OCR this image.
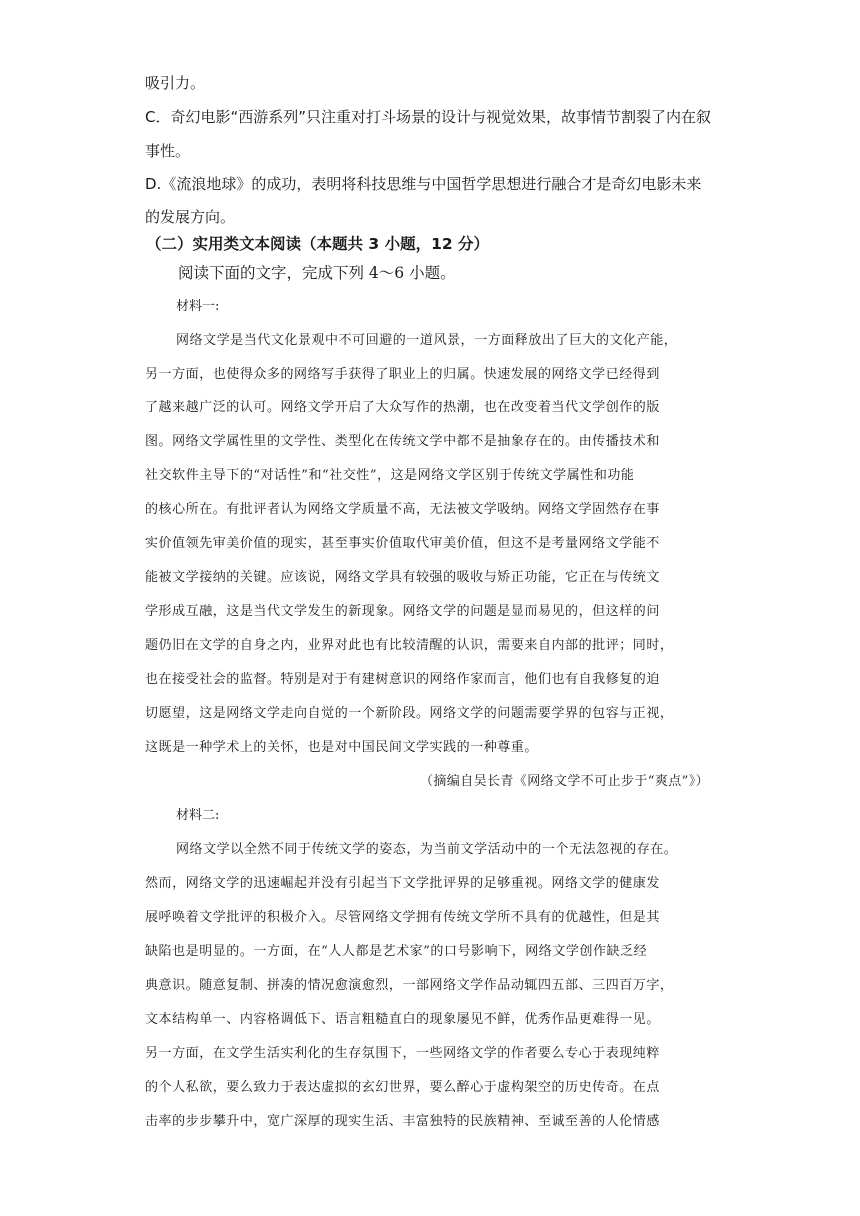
吸引力。
C．奇幻电影“西游系列”只注重对打斗场景的设计与视觉效果，故事情节割裂了内在叙
事性。
D.《流浪地球》的成功，表明将科技思维与中国哲学思想进行融合才是奇幻电影未来
的发展方向。
（二）实用类文本阅读（本题共 3 小题，12 分）
阅读下面的文字，完成下列 4～6 小题。
材料一:
网络文学是当代文化景观中不可回避的一道风景，一方面释放出了巨大的文化产能，
另一方面，也使得众多的网络写手获得了职业上的归属。快速发展的网络文学已经得到
了越来越广泛的认可。网络文学开启了大众写作的热潮，也在改变着当代文学创作的版
图。网络文学属性里的文学性、类型化在传统文学中都不是抽象存在的。由传播技术和
社交软件主导下的“对话性”和“社交性”，这是网络文学区别于传统文学属性和功能
的核心所在。有批评者认为网络文学质量不高，无法被文学吸纳。网络文学固然存在事
实价值领先审美价值的现实，甚至事实价值取代审美价值，但这不是考量网络文学能不
能被文学接纳的关键。应该说，网络文学具有较强的吸收与矫正功能，它正在与传统文
学形成互融，这是当代文学发生的新现象。网络文学的问题是显而易见的，但这样的问
题仍旧在文学的自身之内，业界对此也有比较清醒的认识，需要来自内部的批评；同时，
也在接受社会的监督。特别是对于有建树意识的网络作家而言，他们也有自我修复的迫
切愿望，这是网络文学走向自觉的一个新阶段。网络文学的问题需要学界的包容与正视，
这既是一种学术上的关怀，也是对中国民间文学实践的一种尊重。
（摘编自吴长青《网络文学不可止步于“爽点”》）
材料二:
网络文学以全然不同于传统文学的姿态，为当前文学活动中的一个无法忽视的存在。
然而，网络文学的迅速崛起并没有引起当下文学批评界的足够重视。网络文学的健康发
展呼唤着文学批评的积极介入。尽管网络文学拥有传统文学所不具有的优越性，但是其
缺陷也是明显的。一方面，在“人人都是艺术家”的口号影响下，网络文学创作缺乏经
典意识。随意复制、拼凑的情况愈演愈烈，一部网络文学作品动辄四五部、三四百万字，
文本结构单一、内容格调低下、语言粗糙直白的现象屡见不鲜，优秀作品更难得一见。
另一方面，在文学生活实利化的生存氛围下，一些网络文学的作者要么专心于表现纯粹
的个人私欲，要么致力于表达虚拟的玄幻世界，要么醉心于虚构架空的历史传奇。在点
击率的步步攀升中，宽广深厚的现实生活、丰富独特的民族精神、至诚至善的人伦情感
